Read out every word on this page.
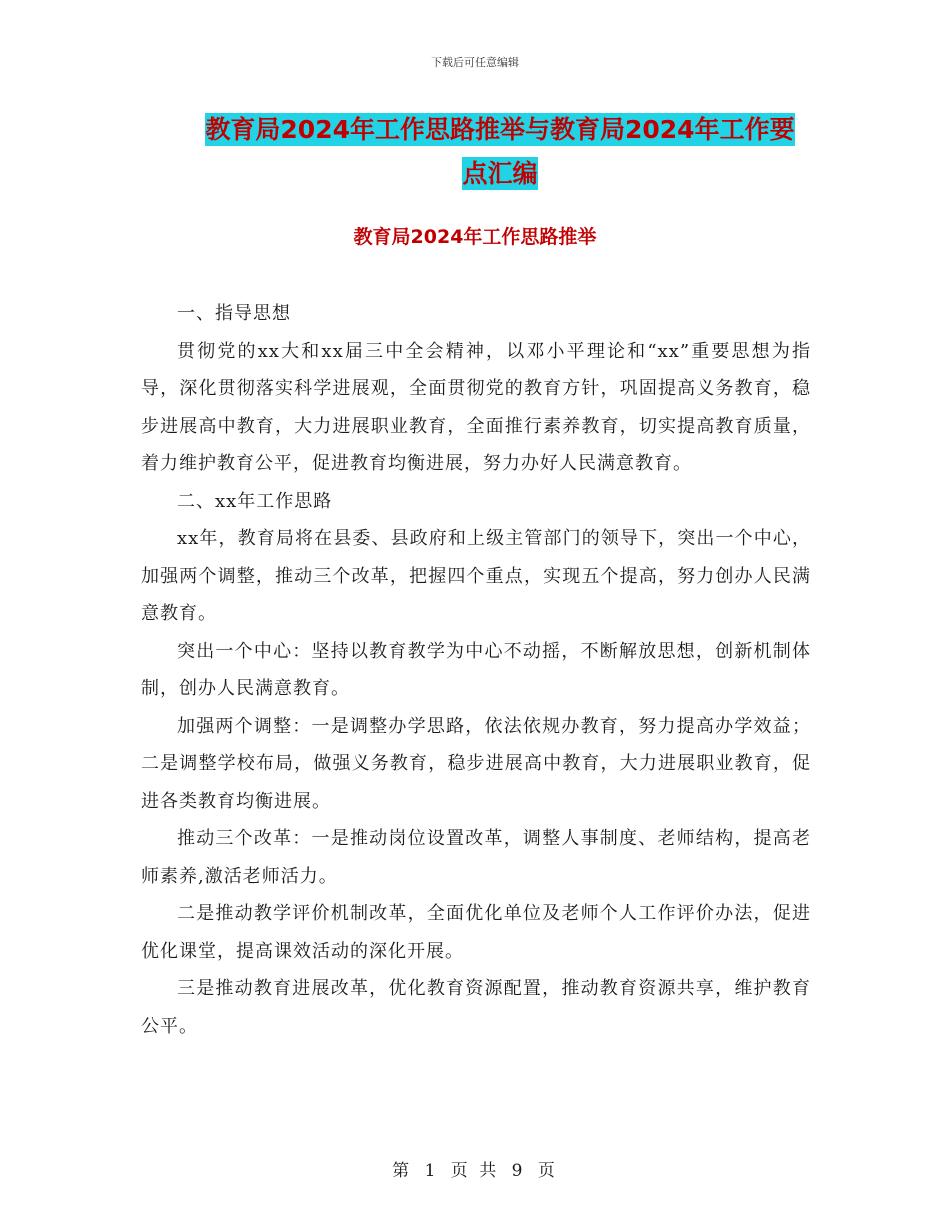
下载后可任意编辑
教育局2024年工作思路推举与教育局2024年工作要
点汇编
教育局2024年工作思路推举

一、指导思想

贯彻党的xx大和xx届三中全会精神，以邓小平理论和“xx”重要思想为指导，深化贯彻落实科学进展观，全面贯彻党的教育方针，巩固提高义务教育，稳步进展高中教育，大力进展职业教育，全面推行素养教育，切实提高教育质量，着力维护教育公平，促进教育均衡进展，努力办好人民满意教育。

二、xx年工作思路

xx年，教育局将在县委、县政府和上级主管部门的领导下，突出一个中心，加强两个调整，推动三个改革，把握四个重点，实现五个提高，努力创办人民满意教育。

突出一个中心：坚持以教育教学为中心不动摇，不断解放思想，创新机制体制，创办人民满意教育。

加强两个调整：一是调整办学思路，依法依规办教育，努力提高办学效益；二是调整学校布局，做强义务教育，稳步进展高中教育，大力进展职业教育，促进各类教育均衡进展。

推动三个改革：一是推动岗位设置改革，调整人事制度、老师结构，提高老师素养,激活老师活力。

二是推动教学评价机制改革，全面优化单位及老师个人工作评价办法，促进优化课堂，提高课效活动的深化开展。

三是推动教育进展改革，优化教育资源配置，推动教育资源共享，维护教育公平。

第 1 页 共 9 页
